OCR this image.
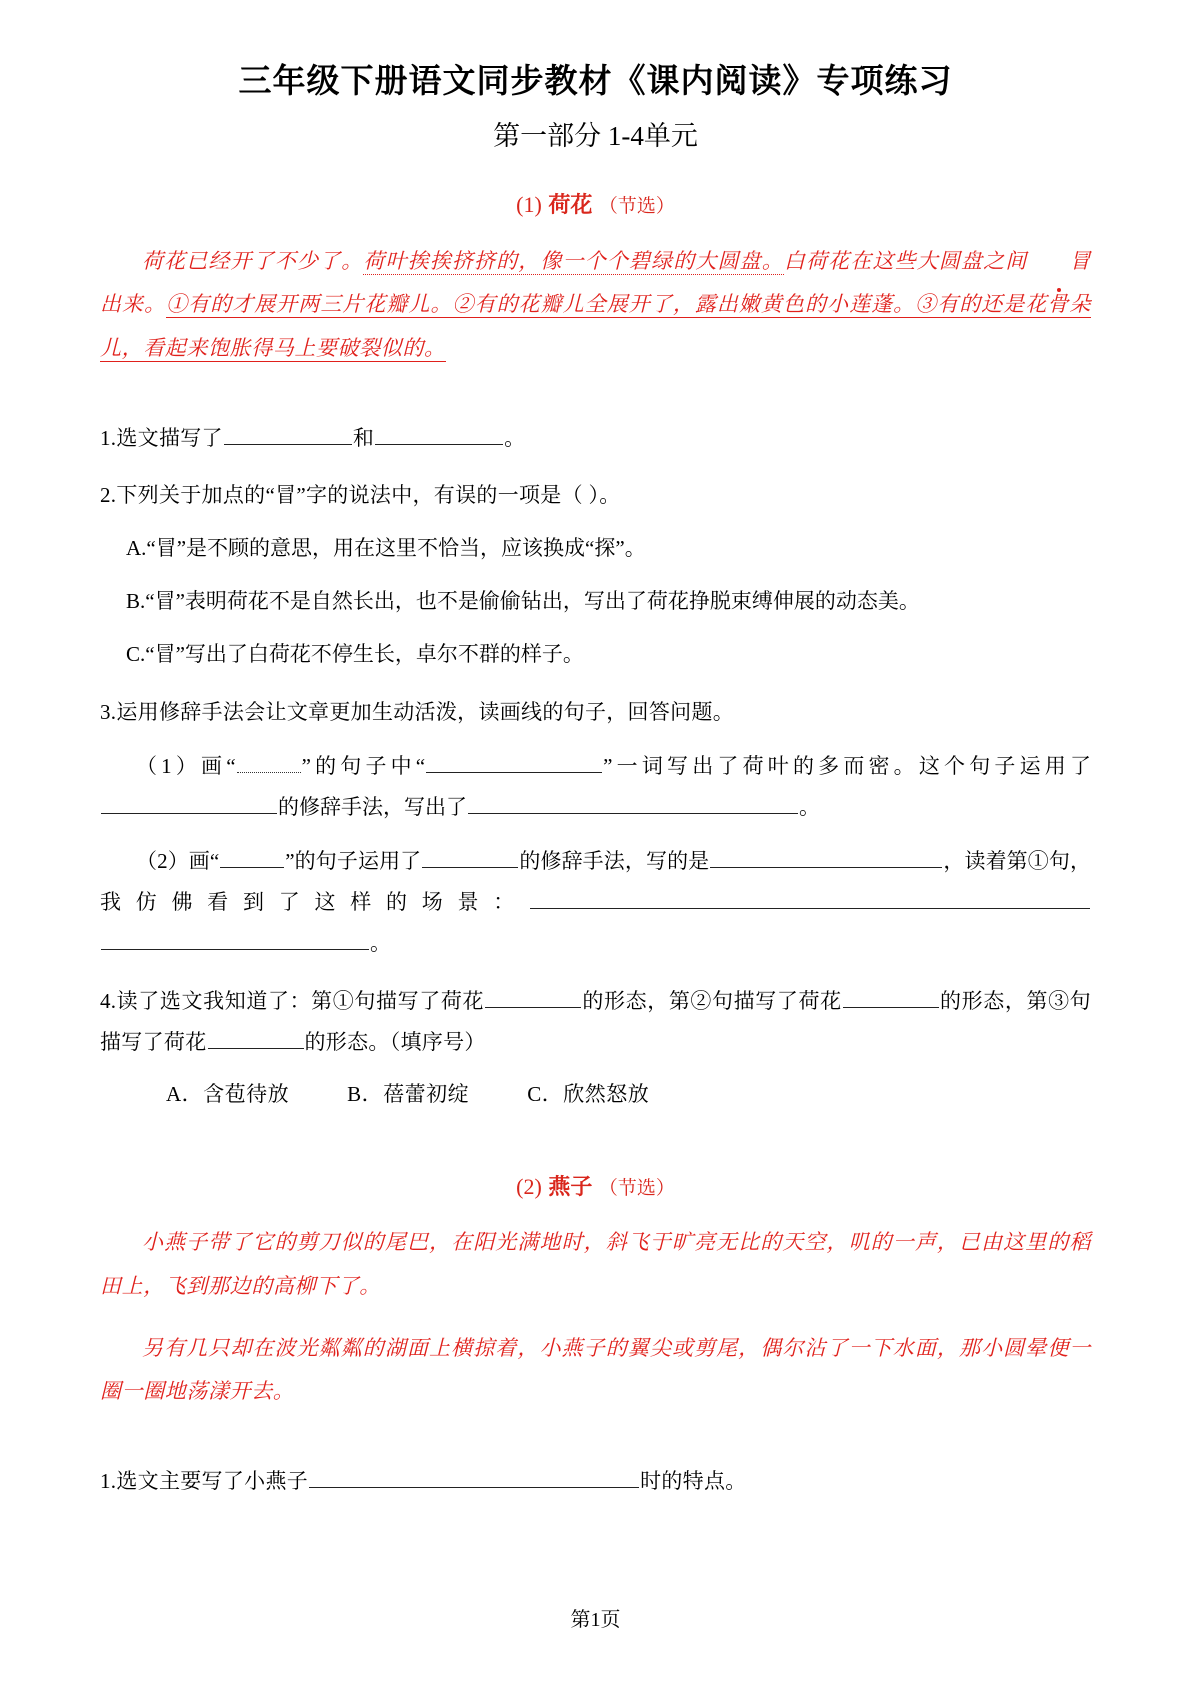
三年级下册语文同步教材《课内阅读》专项练习
第一部分 1-4单元
(1) 荷花 （节选）

荷花已经开了不少了。荷叶挨挨挤挤的，像一个个碧绿的大圆盘。白荷花在这些大圆盘之间 冒出来。①有的才展开两三片花瓣儿。②有的花瓣儿全展开了，露出嫩黄色的小莲蓬。③有的还是花骨朵儿，看起来饱胀得马上要破裂似的。

1.选文描写了	和	。

2.下列关于加点的“冒”字的说法中，有误的一项是（ ）。

A.“冒”是不顾的意思，用在这里不恰当，应该换成“探”。

B.“冒”表明荷花不是自然长出，也不是偷偷钻出，写出了荷花挣脱束缚伸展的动态美。

C.“冒”写出了白荷花不停生长，卓尔不群的样子。

3.运用修辞手法会让文章更加生动活泼，读画线的句子，回答问题。

（1）画“	”的句子中“	”一词写出了荷叶的多而密。这个句子运用了的修辞手法，写出了	。

（2）画“	”的句子运用了	的修辞手法，写的是	，读着第①句，我仿佛看到了这样的场景：。

4.读了选文我知道了：第①句描写了荷花	的形态，第②句描写了荷花	的形态，第③句描写了荷花	的形态。（填序号）

A．含苞待放	B．蓓蕾初绽	C．欣然怒放

(2) 燕子 （节选）

小燕子带了它的剪刀似的尾巴，在阳光满地时，斜飞于旷亮无比的天空，叽的一声，已由这里的稻田上，飞到那边的高柳下了。

另有几只却在波光粼粼的湖面上横掠着，小燕子的翼尖或剪尾，偶尔沾了一下水面，那小圆晕便一圈一圈地荡漾开去。

1.选文主要写了小燕子	时的特点。

第1页
